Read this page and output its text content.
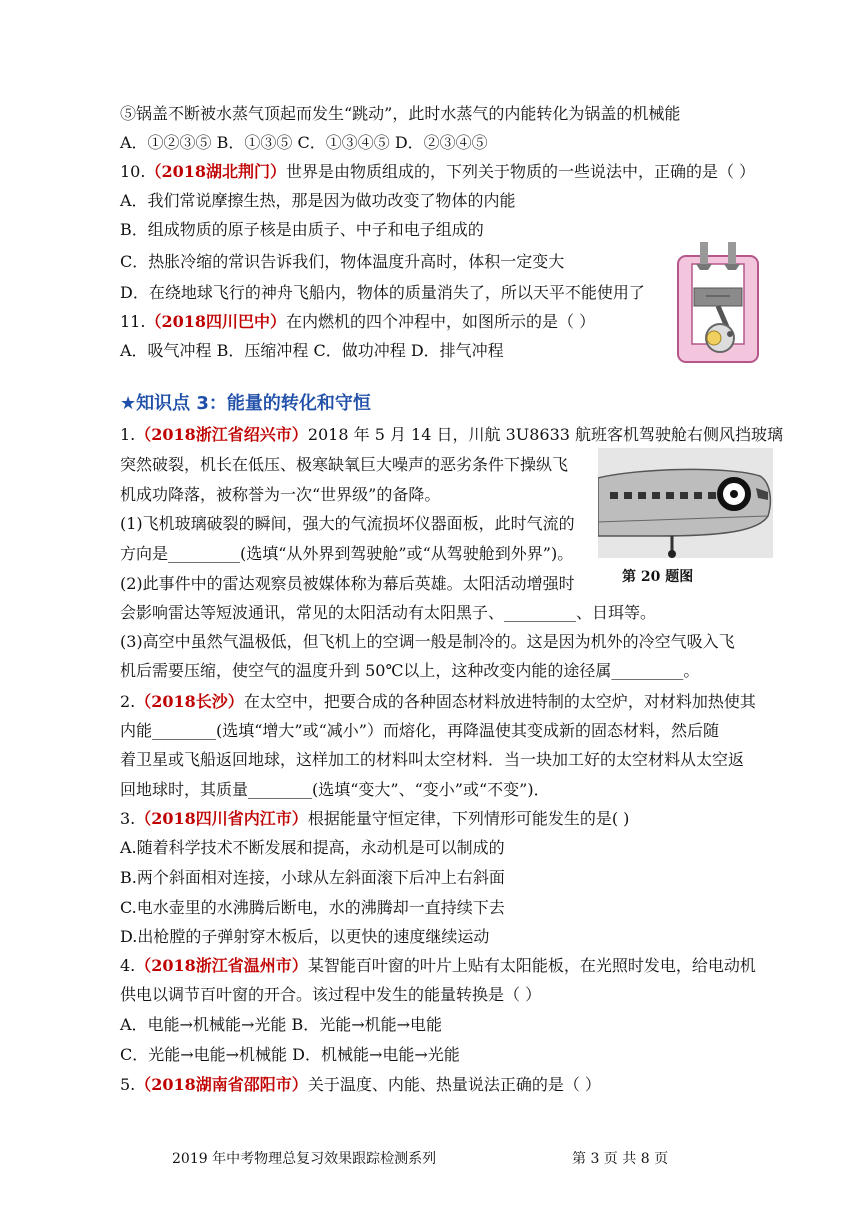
⑤锅盖不断被水蒸气顶起而发生“跳动”，此时水蒸气的内能转化为锅盖的机械能
A．①②③⑤ B．①③⑤ C．①③④⑤ D．②③④⑤
10.（2018湖北荆门）世界是由物质组成的，下列关于物质的一些说法中，正确的是（ ）
A．我们常说摩擦生热，那是因为做功改变了物体的内能
B．组成物质的原子核是由质子、中子和电子组成的
C．热胀冷缩的常识告诉我们，物体温度升高时，体积一定变大
D．在绕地球飞行的神舟飞船内，物体的质量消失了，所以天平不能使用了
11.（2018四川巴中）在内燃机的四个冲程中，如图所示的是（ ）
A．吸气冲程 B．压缩冲程 C．做功冲程 D．排气冲程
★知识点 3：能量的转化和守恒
1.（2018浙江省绍兴市）2018 年 5 月 14 日，川航 3U8633 航班客机驾驶舱右侧风挡玻璃
突然破裂，机长在低压、极寒缺氧巨大噪声的恶劣条件下操纵飞
机成功降落，被称誉为一次“世界级”的备降。
(1)飞机玻璃破裂的瞬间，强大的气流损坏仪器面板，此时气流的
方向是_________(选填“从外界到驾驶舱”或“从驾驶舱到外界”)。
(2)此事件中的雷达观察员被媒体称为幕后英雄。太阳活动增强时
会影响雷达等短波通讯，常见的太阳活动有太阳黑子、_________、日珥等。
(3)高空中虽然气温极低，但飞机上的空调一般是制冷的。这是因为机外的冷空气吸入飞
机后需要压缩，使空气的温度升到 50℃以上，这种改变内能的途径属_________。
第 20 题图
2.（2018长沙）在太空中，把要合成的各种固态材料放进特制的太空炉，对材料加热使其
内能________(选填“增大”或“减小”）而熔化，再降温使其变成新的固态材料，然后随
着卫星或飞船返回地球，这样加工的材料叫太空材料．当一块加工好的太空材料从太空返
回地球时，其质量________(选填“变大”、“变小”或“不变”)．
3.（2018四川省内江市）根据能量守恒定律，下列情形可能发生的是( )
A.随着科学技术不断发展和提高，永动机是可以制成的
B.两个斜面相对连接，小球从左斜面滚下后冲上右斜面
C.电水壶里的水沸腾后断电，水的沸腾却一直持续下去
D.出枪膛的子弹射穿木板后，以更快的速度继续运动
4.（2018浙江省温州市）某智能百叶窗的叶片上贴有太阳能板，在光照时发电，给电动机
供电以调节百叶窗的开合。该过程中发生的能量转换是（ ）
A．电能→机械能→光能 B．光能→机能→电能
C．光能→电能→机械能 D．机械能→电能→光能
5.（2018湖南省邵阳市）关于温度、内能、热量说法正确的是（ ）
2019 年中考物理总复习效果跟踪检测系列	第 3 页 共 8 页
